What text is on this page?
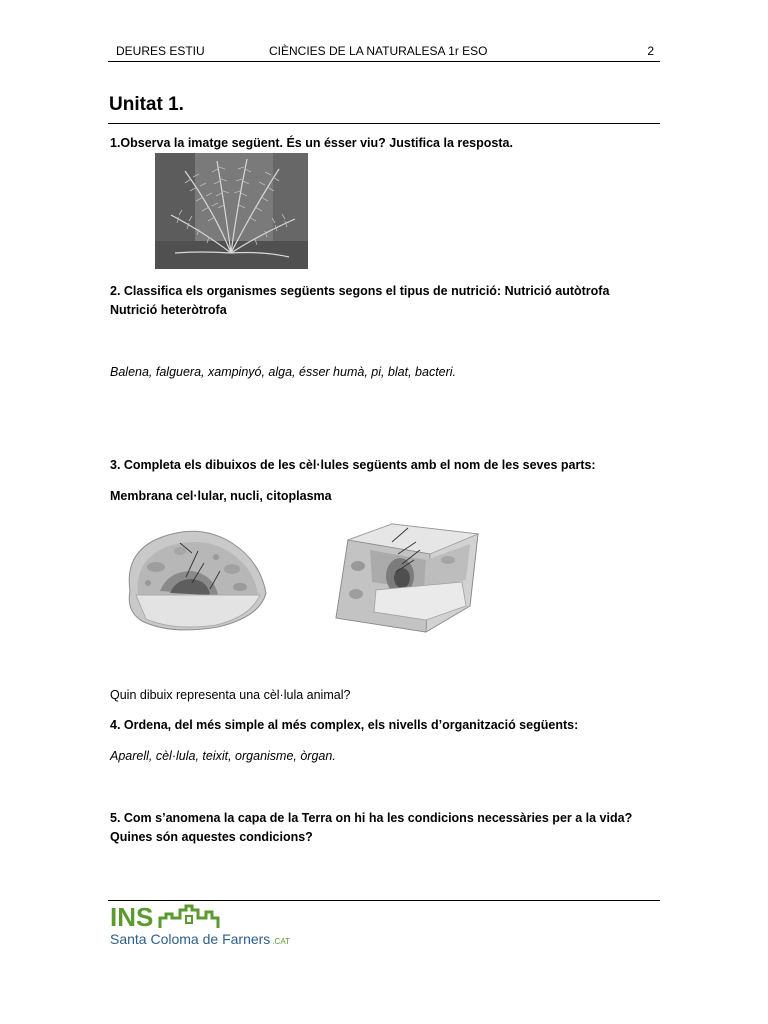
DEURES ESTIU	CIÈNCIES DE LA NATURALESA 1r ESO	2
Unitat 1.
1.Observa la imatge següent. És un ésser viu? Justifica la resposta.
2. Classifica els organismes següents segons el tipus de nutrició: Nutrició autòtrofa Nutrició heteròtrofa
Balena, falguera, xampinyó, alga, ésser humà, pi, blat, bacteri.
3. Completa els dibuixos de les cèl·lules següents amb el nom de les seves parts:
Membrana cel·lular, nucli, citoplasma
Quin dibuix representa una cèl·lula animal?
4. Ordena, del més simple al més complex, els nivells d’organització següents:
Aparell, cèl·lula, teixit, organisme, òrgan.
5. Com s’anomena la capa de la Terra on hi ha les condicions necessàries per a la vida? Quines són aquestes condicions?
INS
Santa Coloma de Farners .CAT
